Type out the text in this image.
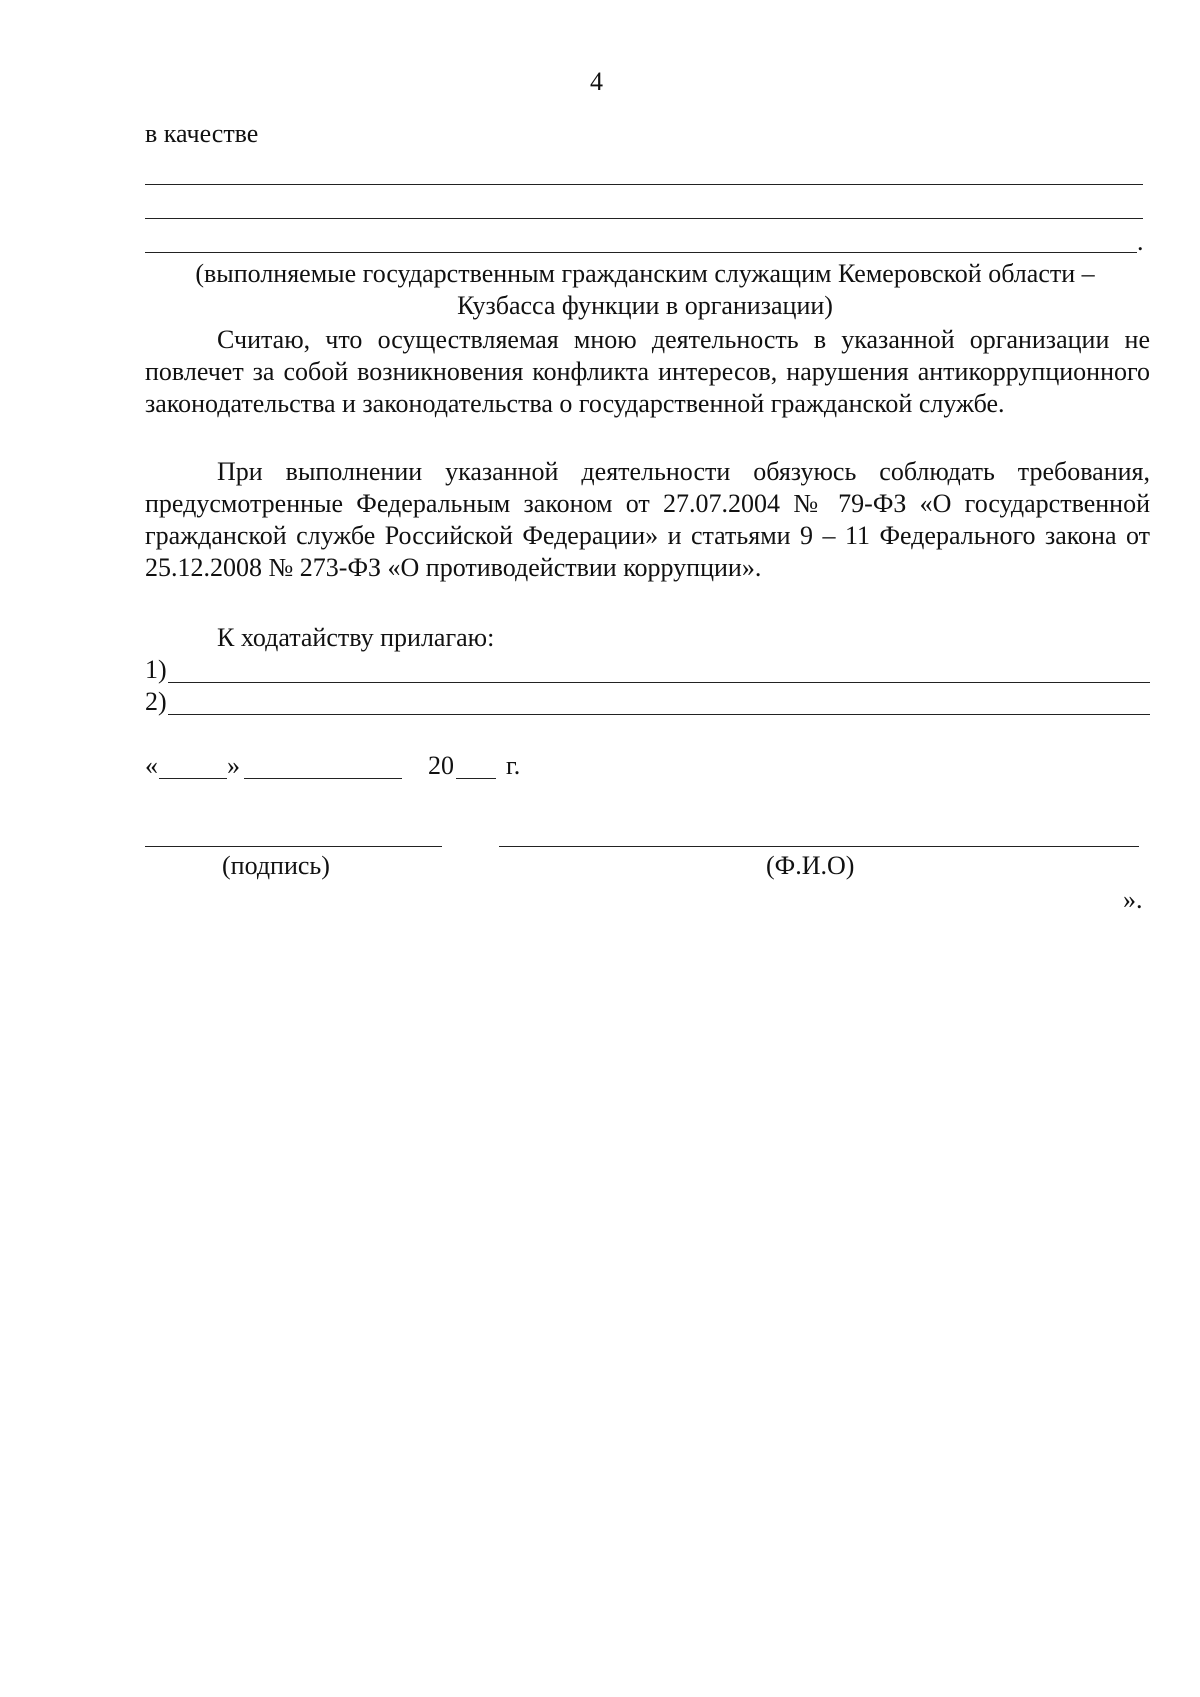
4
в качестве
.
(выполняемые государственным гражданским служащим Кемеровской области –
Кузбасса функции в организации)
Считаю, что осуществляемая мною деятельность в указанной организации не повлечет за собой возникновения конфликта интересов, нарушения антикоррупционного законодательства и законодательства о государственной гражданской службе.
При выполнении указанной деятельности обязуюсь соблюдать требования, предусмотренные Федеральным законом от 27.07.2004 № 79-ФЗ «О государственной гражданской службе Российской Федерации» и статьями 9 – 11 Федерального закона от 25.12.2008 № 273-ФЗ «О противодействии коррупции».
К ходатайству прилагаю:
1)
2)
«	»	20 г.
(подпись)	(Ф.И.О)
».
